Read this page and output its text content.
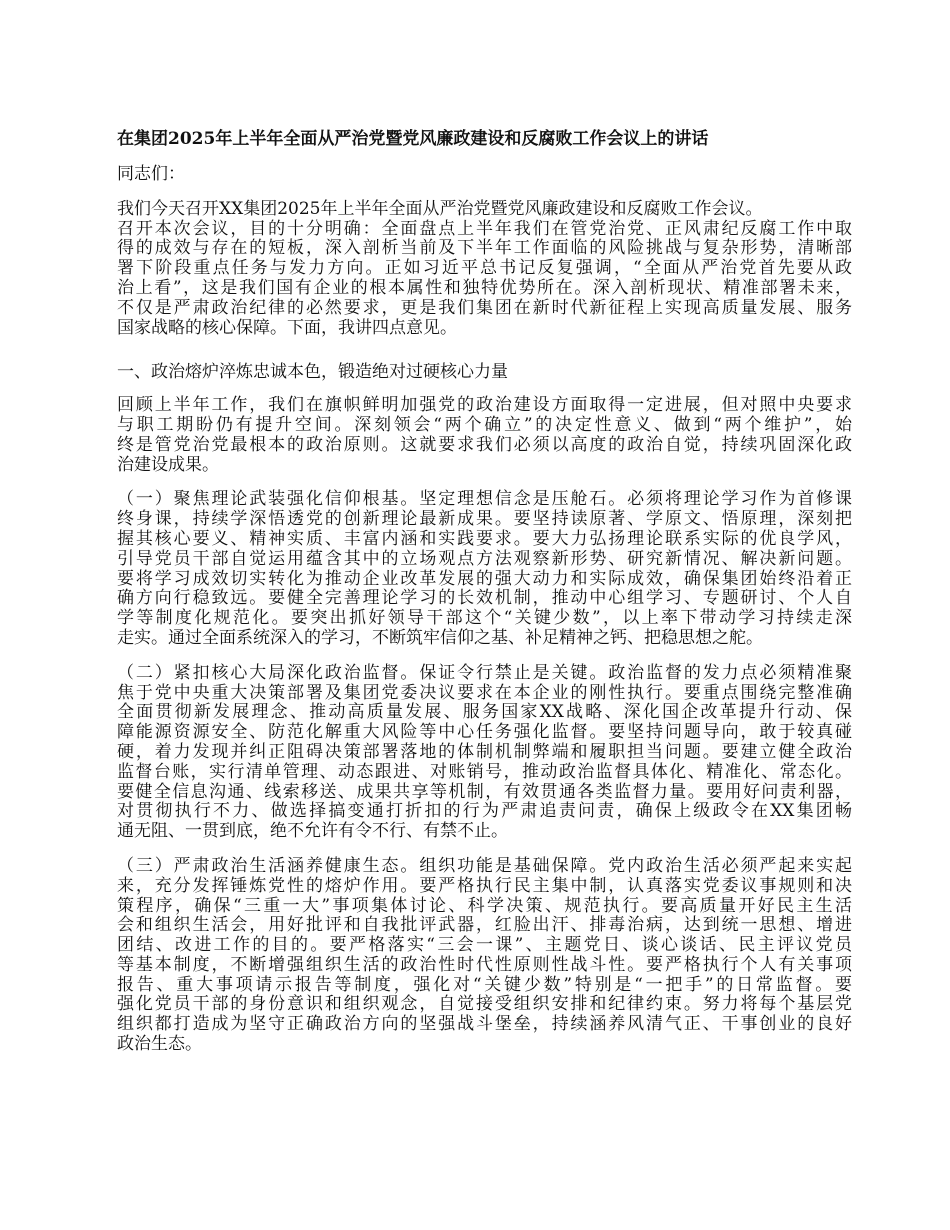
在集团2025年上半年全面从严治党暨党风廉政建设和反腐败工作会议上的讲话
同志们：
我们今天召开XX集团2025年上半年全面从严治党暨党风廉政建设和反腐败工作会议。
召开本次会议，目的十分明确：全面盘点上半年我们在管党治党、正风肃纪反腐工作中取
得的成效与存在的短板，深入剖析当前及下半年工作面临的风险挑战与复杂形势，清晰部
署下阶段重点任务与发力方向。正如习近平总书记反复强调，“全面从严治党首先要从政
治上看”，这是我们国有企业的根本属性和独特优势所在。深入剖析现状、精准部署未来，
不仅是严肃政治纪律的必然要求，更是我们集团在新时代新征程上实现高质量发展、服务
国家战略的核心保障。下面，我讲四点意见。
一、政治熔炉淬炼忠诚本色，锻造绝对过硬核心力量
回顾上半年工作，我们在旗帜鲜明加强党的政治建设方面取得一定进展，但对照中央要求
与职工期盼仍有提升空间。深刻领会“两个确立”的决定性意义、做到“两个维护”，始
终是管党治党最根本的政治原则。这就要求我们必须以高度的政治自觉，持续巩固深化政
治建设成果。
（一）聚焦理论武装强化信仰根基。坚定理想信念是压舱石。必须将理论学习作为首修课
终身课，持续学深悟透党的创新理论最新成果。要坚持读原著、学原文、悟原理，深刻把
握其核心要义、精神实质、丰富内涵和实践要求。要大力弘扬理论联系实际的优良学风，
引导党员干部自觉运用蕴含其中的立场观点方法观察新形势、研究新情况、解决新问题。
要将学习成效切实转化为推动企业改革发展的强大动力和实际成效，确保集团始终沿着正
确方向行稳致远。要健全完善理论学习的长效机制，推动中心组学习、专题研讨、个人自
学等制度化规范化。要突出抓好领导干部这个“关键少数”，以上率下带动学习持续走深
走实。通过全面系统深入的学习，不断筑牢信仰之基、补足精神之钙、把稳思想之舵。
（二）紧扣核心大局深化政治监督。保证令行禁止是关键。政治监督的发力点必须精准聚
焦于党中央重大决策部署及集团党委决议要求在本企业的刚性执行。要重点围绕完整准确
全面贯彻新发展理念、推动高质量发展、服务国家XX战略、深化国企改革提升行动、保
障能源资源安全、防范化解重大风险等中心任务强化监督。要坚持问题导向，敢于较真碰
硬，着力发现并纠正阻碍决策部署落地的体制机制弊端和履职担当问题。要建立健全政治
监督台账，实行清单管理、动态跟进、对账销号，推动政治监督具体化、精准化、常态化。
要健全信息沟通、线索移送、成果共享等机制，有效贯通各类监督力量。要用好问责利器，
对贯彻执行不力、做选择搞变通打折扣的行为严肃追责问责，确保上级政令在XX集团畅
通无阻、一贯到底，绝不允许有令不行、有禁不止。
（三）严肃政治生活涵养健康生态。组织功能是基础保障。党内政治生活必须严起来实起
来，充分发挥锤炼党性的熔炉作用。要严格执行民主集中制，认真落实党委议事规则和决
策程序，确保“三重一大”事项集体讨论、科学决策、规范执行。要高质量开好民主生活
会和组织生活会，用好批评和自我批评武器，红脸出汗、排毒治病，达到统一思想、增进
团结、改进工作的目的。要严格落实“三会一课”、主题党日、谈心谈话、民主评议党员
等基本制度，不断增强组织生活的政治性时代性原则性战斗性。要严格执行个人有关事项
报告、重大事项请示报告等制度，强化对“关键少数”特别是“一把手”的日常监督。要
强化党员干部的身份意识和组织观念，自觉接受组织安排和纪律约束。努力将每个基层党
组织都打造成为坚守正确政治方向的坚强战斗堡垒，持续涵养风清气正、干事创业的良好
政治生态。
